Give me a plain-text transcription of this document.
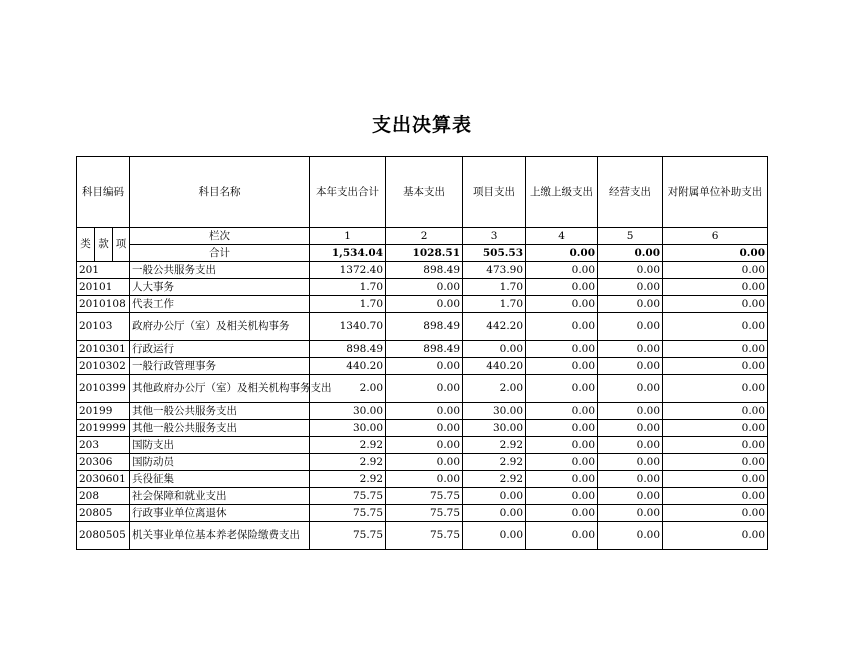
支出决算表
科目编码			科目名称	本年支出合计	基本支出	项目支出	上缴上级支出	经营支出	对附属单位补助支出
类	款	项	栏次	1	2	3	4	5	6
			合计	1,534.04	1028.51	505.53	0.00	0.00	0.00
201			一般公共服务支出	1372.40	898.49	473.90	0.00	0.00	0.00
20101			人大事务	1.70	0.00	1.70	0.00	0.00	0.00
2010108			代表工作	1.70	0.00	1.70	0.00	0.00	0.00
20103			政府办公厅（室）及相关机构事务	1340.70	898.49	442.20	0.00	0.00	0.00
2010301			行政运行	898.49	898.49	0.00	0.00	0.00	0.00
2010302			一般行政管理事务	440.20	0.00	440.20	0.00	0.00	0.00
2010399			其他政府办公厅（室）及相关机构事务支出	2.00	0.00	2.00	0.00	0.00	0.00
20199			其他一般公共服务支出	30.00	0.00	30.00	0.00	0.00	0.00
2019999			其他一般公共服务支出	30.00	0.00	30.00	0.00	0.00	0.00
203			国防支出	2.92	0.00	2.92	0.00	0.00	0.00
20306			国防动员	2.92	0.00	2.92	0.00	0.00	0.00
2030601			兵役征集	2.92	0.00	2.92	0.00	0.00	0.00
208			社会保障和就业支出	75.75	75.75	0.00	0.00	0.00	0.00
20805			行政事业单位离退休	75.75	75.75	0.00	0.00	0.00	0.00
2080505			机关事业单位基本养老保险缴费支出	75.75	75.75	0.00	0.00	0.00	0.00
